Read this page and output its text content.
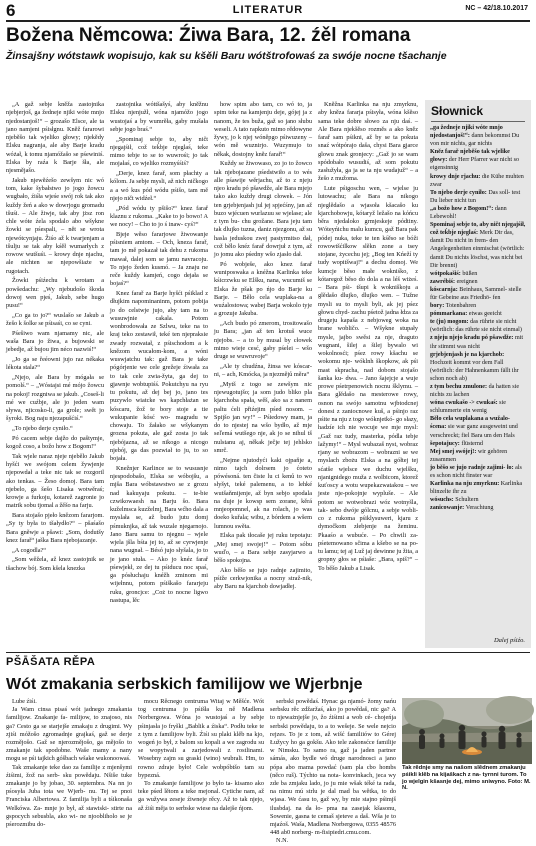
6	LITERATUR	NC – 42/18.10.2017
Božena Němcowa: Źiwa Bara, 12. źěl romana
Žinsajšny wótstawk wopisujo, kak su kšěli Baru wótštrofowaś za swóje nocne tšachanje

„A gaž sebje knĕža zastojnika njebjerjoš, ga žedneje njiki wóte mnjo njedostanjoš!“ – grozašo Elsce, ale ta jano namjeni pśisłgnu. Knĕž fararowi njebĕšo tak wjeliko głowy; njekĕdy Elsku nagranja, ale aby Barje kradu wóżał, k tomu njamóžašo se pśewiniś. Elska by raźa k Barje šła, ale njesmĕjašo.

Jakub njewĕźešo zewšym nic wó tom, kake šybałstwo jo jogo žowcu wugbało, źiśła wjeśe swój rok tak ako kuždy žeń a ako w dowrjogu gromadu tšuśi. – Ale žiwje, tak aby jższ ron chle wóte źela spodalo abo wšykne žowki se pśespali, – nĕt se wrota njewótcynjaju. Žiśo až k twarjenjam a tšulju se tak aby kśĕł wumarłych z rowow wutšuśi. – krowy dnje njachu, ale nichten se njepowšiaże w rugotach.

Žowki pśiźechu k wrotam a powšedachu: „Wy njebudošo škoda dowoj wen pjeś, Jakub, sebe hugo pusu!“

„Co ga to jo?“ wuslašo se Jakub a žešo k šolke se pśisaśi, co se cyni.

Pśešiwo wam njamamy nic, ale waša Bara jo žiwa, a bujowski se jebedje, až bujou jim néco nazwiś!“

„Jo ga se řeéowni jujo raz nékaka lékota stala?“

„Njejo, ale Bara by mógała se pomolś.“ – „Wóstajsi mé mójo žowcu na pokoj! rozgniwa se jakub. „Coseš-li mé we cuźbje, ale jo jeden wam sływa, njicosko-li, ga grole; swět jo šyroki. Bog naju njezapušćiś.“

„To njebo derje cyniło.“

Pó cacem sebje dajžo do paštymje, kogož coso, a božo how z Bogom!“

Tak wjele naraz njeje njebělo Jakub hyšći we swójom celem žywjenje njepowdał a teke nic tak se rozgoril ako tenkas. – Žeso domoj. Bara tam njebelo, ga šešo Lisaka wotwěraś; krowje a furkoju, kotarež zagronie jo matrik sobu tjomal a žěšo na farju.

Bara stojašo pjeło knězom fararjom. „Sy ty była to tšałydło?“ – pšaśašo Bara gněwje a pšawi: „Som, dodutšy knez farař“ jaška Bara njebojazanje.

„A cogodla?“

„Som wěžela, až knez zastojnik se tšachow bój. Som kšela knezka

zastojnika wóttšašyś, aby knĕžnu Elsku njenjužł, wóna njamóžo jogo wustojaś a by wumrěła, gaby mušała sebje jogo braś.“

„Spominaj sebje to, aby ničt njegajśił, což teḱbje njeglaś, teke mimo tebje to se to wuwrośi; jo tak mojałaś, co wjeliko rozmyśśiś?

„Derje, knez farař, som płachty a kólom. Ja sebje mysli, až nich ničkogo a a wó kus pód wódu pśišo, tam mě njejo ničt widźeł.“

„Pód wódu ty pšišo?“ knez farař klaznu z rukoma. „Kake to jo bowo! A we nocy! – Cho to jo ś inaw- cyś?“

Bjeje wěso fararjowe žiwowanje pśisniem amtom. – Och, kneza farař, tam jo mě pokazał tak dehu z rukoma mawał, dalej som se jamu navracoju. To njejo žeden kusmó. – Ja znaju ne reče kuždy kamjeń, cogo dejała se bojaś?“

Knez farař za Barje hyšći pśiklad z dłujkim napominaninm, potom pobija jo do celstwje jujo, aby tam na to wusuwjnie cakala. Potom wonbrodowała ze Szlwu, teke na to kraj teko zestawił, teké ten njepraksie zwady rozwatał, z pśischodom a k knězom wucałom-kom, a wóni wuswjatchu tak: gaž Bara je take pógórjenie we cele grežeje źiwała za to tak cele zwia-žyta, ga dej to gjawnje wobtupiśś. Pokutchyu na ryu tu pokutu, až dej bej jo, jano tes puzywlo wiatcke ws kapchłażan se kóscaru, žož te bory stoje a tie wukupanie kósć wo- magradu w chowaju. To žałako se wšykanym grozna pokuta, ale gaž zosta jo tak njebójazna, až se nikogo a nicogo njebój, ga das pozwiał to ju, to so bojała.

Knežnjer Karlince se to wususnje njespodobašo, Elska se wóbojšu, a mjša Bara wóbstawstwo se z grozu nad kakuyaju pokutu. – te-bie czwikowaesh na Barju šo. Bara kuželmsca kuzželmj, Bara wćho dala a myslała se, až budo jutu domj pśmuknjka, až tak wuzale njegarnojo. Jano Baru samu to njegnu – wjele wjela jšla bśta jej to, až se cyrwjenje nana wugnał. – Bésó jujo słyšala, jo to je jano stuła. – Ako jo knéz farař pśewjekł, ze dej tu pśiducu noc spaś, ga pósłuchaju knéžh zminom mi wijełnnu, potom pśiškašo fararjeju ruku, groncjce: „Coż to nocne ligwo nastupa, lěc

how spim abo tam, co wó to, ja spim teke na kamjenju deje, gójej ja z nanom, že tes buža, gaž so jano słubu weseli. A tato rapkuto mimo rědowyne žywy, jo k njej wóněpgo pśiwuzeny – wón mě wuznirjo. Wuzymujo to někak, dostojny knĕz farař!“

Kuždy se žiwowaso, zo jo to žowco tak njebojazane pśedstwiło a to wés alle pśawije wěrjachu, až to z njeju njeo kradu pó pšawdže, ale Bara mjejo tako ako kuždy drugi cłowek. – Jón ten grjebjenjash jul jej spjećśny, jan až buzo wjécuen wurlazuu se wjelase; ale z tym bu- chu grožane. Bara jeju tam tak dlujko tuzna, daniz njezgonu, až su hasla jeduskou zwej pastyrmitso dał, což bělo knéz farař dowrjuł z tym, až jo jomu ako pśedny wšo zjasło dał.

Pó wobješe, ako knez farař wuniposwaka a knéžna Karlinka teke kśicrzwku se Elšku, nana, wucumiš se Elska že pšak po ńjo do Barje ku Barje. – Bělo cela wuplaka-na a wuźalostowa; wabej Barja wokolo tyje a grozuje Jakuba.

„Ach budo pó zmerom, trositowašo ju Bara; „jan až ten krotuš wuce njejobs. – a to by musal by cłowek mimo wieje cesć, gaby pśelei – wšo druge se wuwruvoje“

„Ale ty chudźna, žinsa we kóscar- ni, – ach, Kmócka, ja njezmějů měra“

„Mytš z togo se zewšym nic njewugotujšo; ja som judo bliko pla kjarchoba spała, wěš, ako sa z nanem paltu ćeli přiźejim pśed nosom. – Spijšo jan wy!“ – Pśiedowy mam, ja do to njestej na wšo bydło, až mje seľemá wutšego nje, ak jo se nihul tš nulstanu aj, někak ječje tej jehlsko smrč.

„Nejme njutodyći kaki ojpaňje a, nimo tajch dolrsem jo ćoteto pówésoná. ten čiste lu ci kenů to wo słyšyt, teké palemenu, a to lehké wutšaňmijenje, až byn sebjo spodala na duje je kowsp sem zorane, kěrá mnjeopomnel, ak na rolach, jo was doeko kuřala; wibu, z bórdem a wšem lumnou swěta.

Elska pak tłocaše jej ruku tepotaju: „Mej smej swojej!“ – Potom sóbu wuďo, – a Bara sebje zasyjarwo a běšo spokojna.

Ako běšo se jujo radnje zajimito, pśiže cerkwjonika a nocny straž-nik, aby Baru na kjarchob dowjadłej.

Knĕžna Karlinka na nju zmyrknu, aby knĕza fararja pśisyła, wóna kšĕso sama teke dobre słowo za nju daś. – Ale Bara njekšĕso rozmĕs a ako knĕz farař sam pśikni, až by se ta pokuta snaź wótpórajo daša, chysi Bara gjarce glowu znak gronjecy: „Gaž jo se wam spódobało wusudiś, až som pokutu zasłužyła, ga ja se ta nju wudajuž“ – a žešo z mužoma.

Lute pśigoschu wen, – wjelse ju lutowachu; ale Bara na nikogo njeglědašo a wjasoła kšacašo ku kjarchobowju, kótaryž ležašo na kóńcu běra njedaloko grmjeskeje pódtiny. Wóteyńichu malu kumcu, gaž Bara pak pódej nuka, teke te ten kśĕso se bóži rowowtšćilkow slěkn zone a tsey stojane, życechu jej; „Bog ten Kńeží ty tudy wopitšwaj!“ a dechu domoj. We kumcje běso małe wokniśko, z kótaregož běso do dola a na léš wiżeś. – Bara pśi- tšupi k wokniškoju a glědašo dlujko, dlujko wen. – Tužne mysli su to mysli byli, ak jej pśez głowu chyd- zachu pśetož jadna łdza za drugeju kapaša z nebjoweg woka na brane wobličo. – Wšykne stupały mysle, jajbo swěsi za nje, draguto wugnani, šilej a šilej bywalo wi wokolnosći; pśez rowy kšachu se wokomu nje- wóklnh škopkow, ak pśi mast skpracha, nad dobom stojašo šanka ku- dwa. – Jano šajejcje a wuje prowe pśetrpenowich nocnu šklymu. – Bara glědašo na mesterowe rowy, osnon na swójo samotnu wjbtodcnej donesi z zaniocnowe kuš, a pśinjo raz pśite na nju z togo wóknjetkó- go słazy, hadzíe ich nie wocuje we mje mysl: „Gaž raz tudy, masterka, pódla tebje lažymy!“ – Mysl wubazaš nyst, wobraz rjany se wobrazom – wobrazni se we myslach zbożu Elska a na gółtej tej sćatše wjelsce we duchu wjelšku, njanignidego muža z wolbicom, ktorež kuťoscy a wotu wupekazwatakou – we jeste nje-pokojnje wypluše. – Ale potom se wotwobrazi wóz wotnyšla, tak- sebo dwóje gólcnu, a sebje wobli- co z rukoma pśiklysuweri, kjaru z dymočkom złebjenje na žeminu. Pkaaśo a wubuće. – Po chwili za- pśetemowano sčima a kšebo se na po- tu lamu; tej aj Luž jaj dewinne ju žita, a gropny głos se pśiaše: „Bara, spiš?“ – To běšo Jakub a Lisak.

Słownick
„ga žedneje njiki wóte mnjo njedostanjoš!“: dann bekommst Du von mir nichts, gar nichts
Knĕz farař njebĕšo tak wjelike głowy: der Herr Pfarrer war nicht so eigensinnig
krowy dnje rjachu: die Kühe muhten zwar
To njebo derje cyniło: Das soll- test Du lieber nicht tun
„a božo how z Bogom!“: dann Lebewohl!
Spominaj sebje to, aby ničt njegajśił, což teḱbje njeglaś: Merk Dir das, damit Du nicht in frem- den Angelegenheiten einmischst (wörtlich: damit Du nichts löschst, was nicht bei Dir brennt)
wótpokašiś: büßen
zawrébiś: ereignen
kóscarnja: Beinhaus, Sammel- stelle für Gebeine aus Friedhö- fen
bory: Totenbahren
pómmarkana: etwas geeicht
te (ju) mogom: das rührte sie nicht (wörtlich: das rührte sie nicht einmal)
z njeju njejo kradu pó pšawdže: mit ihr stimmt was nicht
grjebjenjash je na kjarchob: Hochzeit kommt vor dem Fall (wörtlich: der Hahnenkamm fällt ihr schon noch ab)
z tym bechu zmulone: da hatten sie nichts zu lachen
wóna cwukašo -> cwukaś: sie schlummerte ein wenig
Bělo cela wuplakana a wužalo- ścena: sie war ganz ausgeweint und verschreckt; fiel Bara um den Hals
šepotajucy: flüsternd
Mej smej swójej!: wir gehören zusammen
jo běšo se jujo radnje zajimi- ło: als es schon nicht finster war
Karlinka na nju zmyrknu: Karlinka blinzelte ihr zu
wósuchs: Schultern
zanicowanje: Verachtung
Dalej pśiźo.
PŠĀŠATA RĚPA
Wót zmakania serbskich familijow we Wjerbnje

Lube źiśi.

Ja Wam cinsa pisaś wót jadnego zmakania familijow. Znakanje fa- milijow, to znajoso, nis ga? Cesto ga se starjejše zmakaju z drugimi. Wy zjiśi móžošo zgromadnje grajkaś, gaž se derje rozmějošo. Gaž se njerozmějošo, ga mějošo to zmakanje tak spodobne. Waše mamy a nany mogu se pśi tajkich góšbach wšake wukonoowaś.

Tak zmakanje teke dao za familije z mjenšymi źiśimi, žož na serb- sku powědaju. Nšiše tuke zmakanje jo by jobao, 30. septembra. Na nn jo pśosyła Juba tota we Wjerb- nu. Tej se pnoi Franciska Albertowa. Z familija byli a tśikonaša Welkówa. Za- mnje jo był, až stawiski- stirte na gspocych sebusbla, ako wi- ne njoobliholo se je pśerozmibu do-

mocu Rěcnego centruma Witaj w Měšće. Wót tog centruma jo pśišła ku ně Madlena Norbergowa. Wóna jo wustojaś a by sebje pśinjasła jo fryški „Bablik a źiska“. Podłu teke te z tym z familijow byli. Źiśi su plaki klěb na kjo, wogeń jo był, z balom su kopali a we zagrodu su se wopytwali a zarjedowali z rostlinami. Wosebny zajm su graski (wino) wubrali. Hm, to rowno zdraje było! Cele wobpóbtšo tam su bypezná.

To zmakanje familijow jo było ta- kisamo ako teke pśed lětom a teke mejonal. Cytiche nam, až ga wužywa zeseje źiwneje rěcy. Až to tak njejo, až źiśi měja to serbske wiese na dalejše ńjom.

serbski powědaś. Hynac ga njamó- žomy nańu serbsku rěc zdžaržaś, ako jo powědaš, nic ga? A to njeważnjejše jo, žo źiśimi a wob cé- chojeńja serbski powědaju, to a to wešeje. Se wele nejcio rejzes. To je z tom, až wišć familiiów to Gérej Łužycy ho ga gokšu. Ako tele zakonsćce familije w Nimsku. To samo ra, gaž ja jaden partner sámás, ako bydle wó druge narodnosci a jano pópa abo mama powdać (sam pla cbo hombs (něco ruš). Týchto ua nota- konvinkach, jeca wy zde ba zmjaku lado, jo ju mie wšak téké ta rada, na nimu mú strlu je dal mad ba wětka, to do wjasa. We ćasu to, gaž wy, by mie stajno pśimjš ilusbdaj. na da ło- pma na zasejak kšasonu, Sowenie, gasna te cemaš sjeteve a daš. Wša je to mjaźoš. Waša, Madlena Norbergowa, 0355 48576 448 ab0 norberg- m-fisipiedri.cmu.com.

N.N.

Tak rědnje smy na našom slědnem zmakanju pśikli klěb na kijaškach z na- tyrnni turom. To jo wjelgin kšasnje dej, mimo sniwyno. Foto: M. N.
